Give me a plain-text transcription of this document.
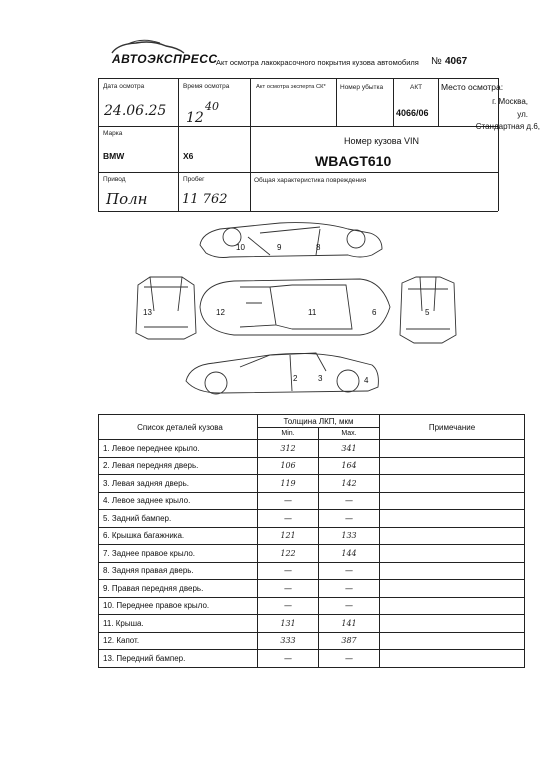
АВТОЭКСПРЕСС
Акт осмотра лакокрасочного покрытия кузова автомобиля № 4067
Дата осмотра
24.06.25
Время осмотра
12
40
Акт осмотра эксперта СК* Номер убытка	АКТ
4066/06
Место осмотра:
г. Москва,
ул.
Стандартная д.6,
Марка
BMW	X6
Номер кузова VIN
WBAGT610
Привод
Полн
Пробег
11 762
Общая характеристика повреждения
10	9	8
12	11	6
13	5
2	3	4
Список деталей кузова	Толщина ЛКП, мкм		Примечание
	Min.	Max.	
1. Левое переднее крыло.	312	341	
2. Левая передняя дверь.	106	164	
3. Левая задняя дверь.	119	142	
4. Левое заднее крыло.	—	—	
5. Задний бампер.	—	—	
6. Крышка багажника.	121	133	
7. Заднее правое крыло.	122	144	
8. Задняя правая дверь.	—	—	
9. Правая передняя дверь.	—	—	
10. Переднее правое крыло.	—	—	
11. Крыша.	131	141	
12. Капот.	333	387	
13. Передний бампер.	—	—	
